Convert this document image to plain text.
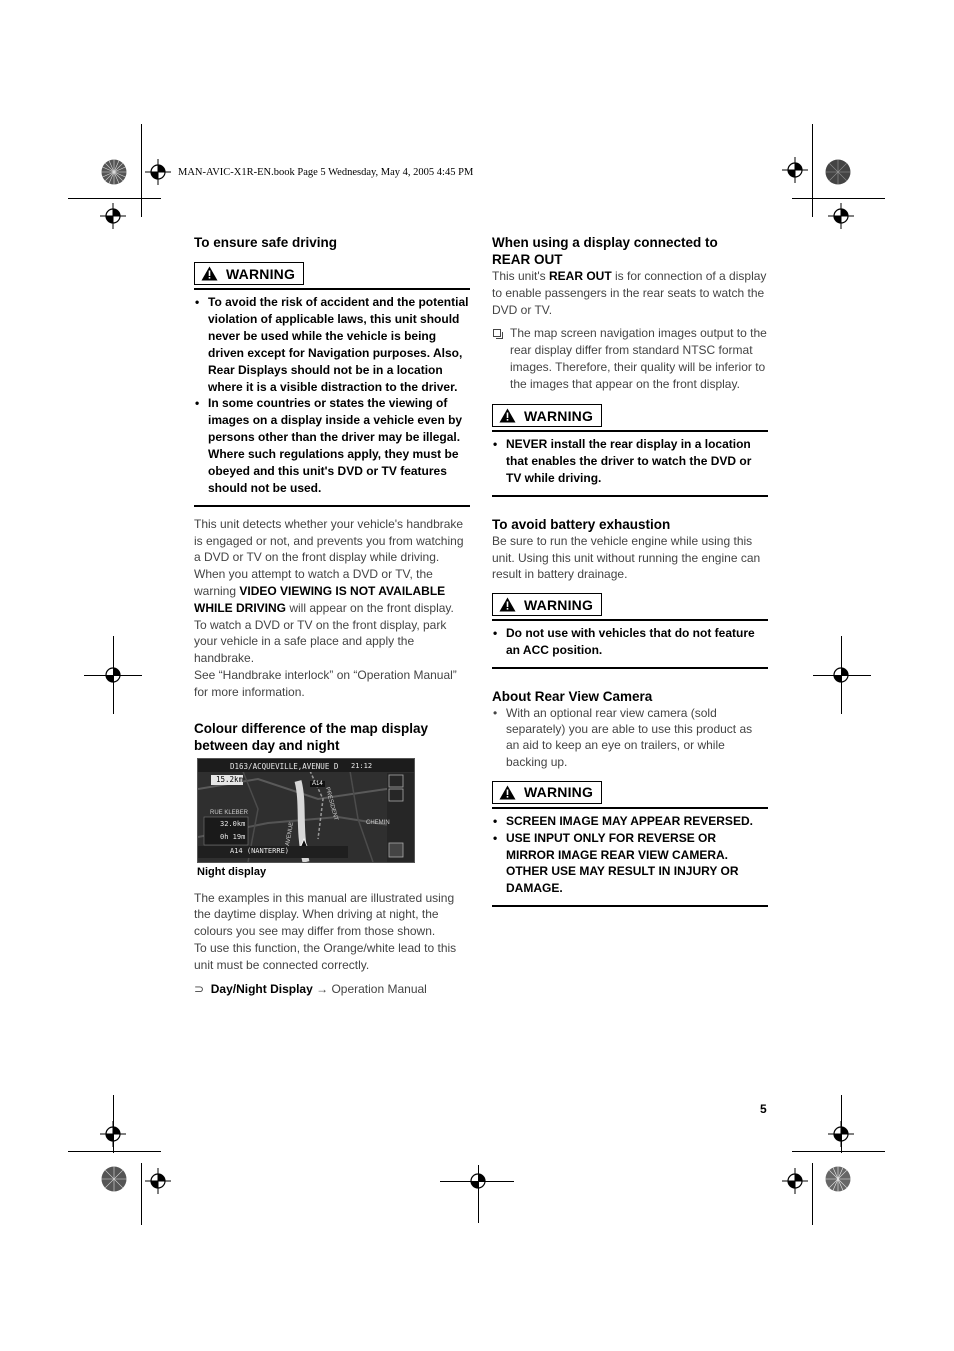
MAN-AVIC-X1R-EN.book Page 5 Wednesday, May 4, 2005 4:45 PM
To ensure safe driving
WARNING
• To avoid the risk of accident and the potential violation of applicable laws, this unit should never be used while the vehicle is being driven except for Navigation purposes. Also, Rear Displays should not be in a location where it is a visible distraction to the driver.
• In some countries or states the viewing of images on a display inside a vehicle even by persons other than the driver may be illegal. Where such regulations apply, they must be obeyed and this unit's DVD or TV features should not be used.

This unit detects whether your vehicle's handbrake is engaged or not, and prevents you from watching a DVD or TV on the front display while driving. When you attempt to watch a DVD or TV, the warning VIDEO VIEWING IS NOT AVAILABLE WHILE DRIVING will appear on the front display.

To watch a DVD or TV on the front display, park your vehicle in a safe place and apply the handbrake.

See “Handbrake interlock” on “Operation Manual” for more information.

Colour difference of the map display between day and night
D163/ACQUEVILLE,AVENUE D 21:12
15.2km	A14
RUE KLEBER
CHEMIN
AVENUE
PRESIDENT
32.0km
0h 19m
A14 (NANTERRE)
Night display

The examples in this manual are illustrated using the daytime display. When driving at night, the colours you see may differ from those shown.

To use this function, the Orange/white lead to this unit must be connected correctly.

⊃ Day/Night Display → Operation Manual
When using a display connected to
REAR OUT

This unit's REAR OUT is for connection of a display to enable passengers in the rear seats to watch the DVD or TV.

The map screen navigation images output to the rear display differ from standard NTSC format images. Therefore, their quality will be inferior to the images that appear on the front display.
WARNING
• NEVER install the rear display in a location that enables the driver to watch the DVD or TV while driving.
To avoid battery exhaustion

Be sure to run the vehicle engine while using this unit. Using this unit without running the engine can result in battery drainage.

WARNING
• Do not use with vehicles that do not feature an ACC position.
About Rear View Camera
• With an optional rear view camera (sold separately) you are able to use this product as an aid to keep an eye on trailers, or while backing up.
WARNING
• SCREEN IMAGE MAY APPEAR REVERSED.
• USE INPUT ONLY FOR REVERSE OR MIRROR IMAGE REAR VIEW CAMERA. OTHER USE MAY RESULT IN INJURY OR DAMAGE.
5
